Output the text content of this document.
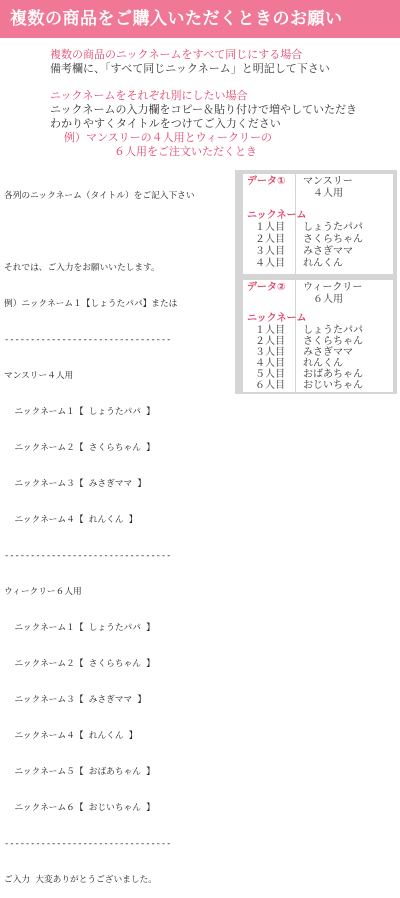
複数の商品をご購入いただくときのお願い
複数の商品のニックネームをすべて同じにする場合
備考欄に、「すべて同じニックネーム」と明記して下さい
ニックネームをそれぞれ別にしたい場合
ニックネームの入力欄をコピー＆貼り付けで増やしていただき
わかりやすくタイトルをつけてご入力ください
例）マンスリーの４人用とウィークリーの
６人用をご注文いただくとき

各列のニックネーム（タイトル）をご記入下さい

それでは、ご入力をお願いいたします。

例）ニックネーム１【しょうたパパ】または

--------------------------------

マンスリー４人用

ニックネーム１【 しょうたパパ 】

ニックネーム２【 さくらちゃん 】

ニックネーム３【 みさぎママ 】

ニックネーム４【 れんくん 】

--------------------------------

ウィークリー６人用

ニックネーム１【 しょうたパパ 】

ニックネーム２【 さくらちゃん 】

ニックネーム３【 みさぎママ 】

ニックネーム４【 れんくん 】

ニックネーム５【 おばあちゃん 】

ニックネーム６【 おじいちゃん 】

--------------------------------

ご入力 大変ありがとうございました。

データ① マンスリー
４人用
ニックネーム
１人目
２人目
３人目
４人目
しょうたパパ
さくらちゃん
みさぎママ
れんくん
データ② ウィークリー
６人用
ニックネーム
１人目
２人目
３人目
４人目
５人目
６人目
しょうたパパ
さくらちゃん
みさぎママ
れんくん
おばあちゃん
おじいちゃん
